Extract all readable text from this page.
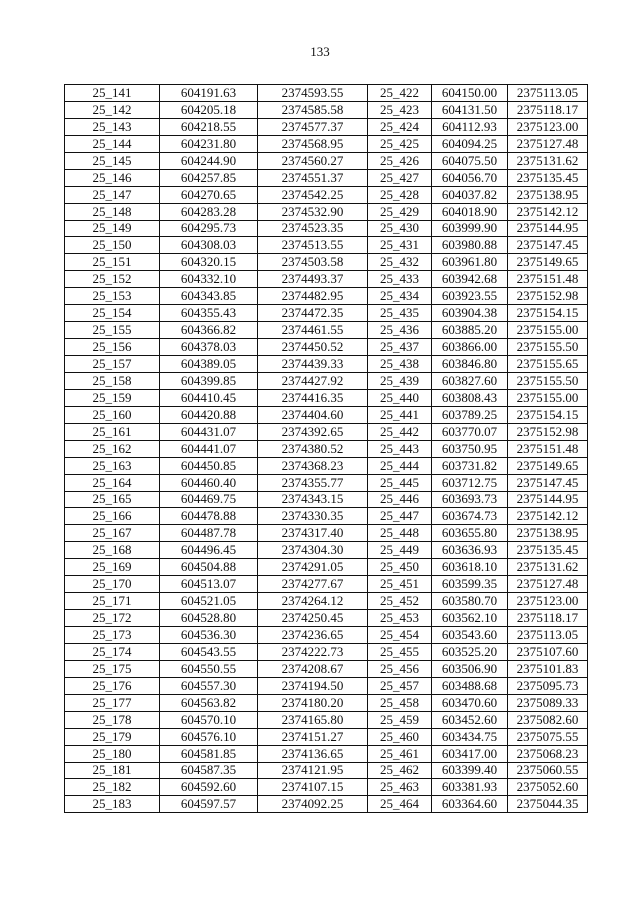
133
25_141	604191.63	2374593.55	25_422	604150.00	2375113.05
25_142	604205.18	2374585.58	25_423	604131.50	2375118.17
25_143	604218.55	2374577.37	25_424	604112.93	2375123.00
25_144	604231.80	2374568.95	25_425	604094.25	2375127.48
25_145	604244.90	2374560.27	25_426	604075.50	2375131.62
25_146	604257.85	2374551.37	25_427	604056.70	2375135.45
25_147	604270.65	2374542.25	25_428	604037.82	2375138.95
25_148	604283.28	2374532.90	25_429	604018.90	2375142.12
25_149	604295.73	2374523.35	25_430	603999.90	2375144.95
25_150	604308.03	2374513.55	25_431	603980.88	2375147.45
25_151	604320.15	2374503.58	25_432	603961.80	2375149.65
25_152	604332.10	2374493.37	25_433	603942.68	2375151.48
25_153	604343.85	2374482.95	25_434	603923.55	2375152.98
25_154	604355.43	2374472.35	25_435	603904.38	2375154.15
25_155	604366.82	2374461.55	25_436	603885.20	2375155.00
25_156	604378.03	2374450.52	25_437	603866.00	2375155.50
25_157	604389.05	2374439.33	25_438	603846.80	2375155.65
25_158	604399.85	2374427.92	25_439	603827.60	2375155.50
25_159	604410.45	2374416.35	25_440	603808.43	2375155.00
25_160	604420.88	2374404.60	25_441	603789.25	2375154.15
25_161	604431.07	2374392.65	25_442	603770.07	2375152.98
25_162	604441.07	2374380.52	25_443	603750.95	2375151.48
25_163	604450.85	2374368.23	25_444	603731.82	2375149.65
25_164	604460.40	2374355.77	25_445	603712.75	2375147.45
25_165	604469.75	2374343.15	25_446	603693.73	2375144.95
25_166	604478.88	2374330.35	25_447	603674.73	2375142.12
25_167	604487.78	2374317.40	25_448	603655.80	2375138.95
25_168	604496.45	2374304.30	25_449	603636.93	2375135.45
25_169	604504.88	2374291.05	25_450	603618.10	2375131.62
25_170	604513.07	2374277.67	25_451	603599.35	2375127.48
25_171	604521.05	2374264.12	25_452	603580.70	2375123.00
25_172	604528.80	2374250.45	25_453	603562.10	2375118.17
25_173	604536.30	2374236.65	25_454	603543.60	2375113.05
25_174	604543.55	2374222.73	25_455	603525.20	2375107.60
25_175	604550.55	2374208.67	25_456	603506.90	2375101.83
25_176	604557.30	2374194.50	25_457	603488.68	2375095.73
25_177	604563.82	2374180.20	25_458	603470.60	2375089.33
25_178	604570.10	2374165.80	25_459	603452.60	2375082.60
25_179	604576.10	2374151.27	25_460	603434.75	2375075.55
25_180	604581.85	2374136.65	25_461	603417.00	2375068.23
25_181	604587.35	2374121.95	25_462	603399.40	2375060.55
25_182	604592.60	2374107.15	25_463	603381.93	2375052.60
25_183	604597.57	2374092.25	25_464	603364.60	2375044.35
